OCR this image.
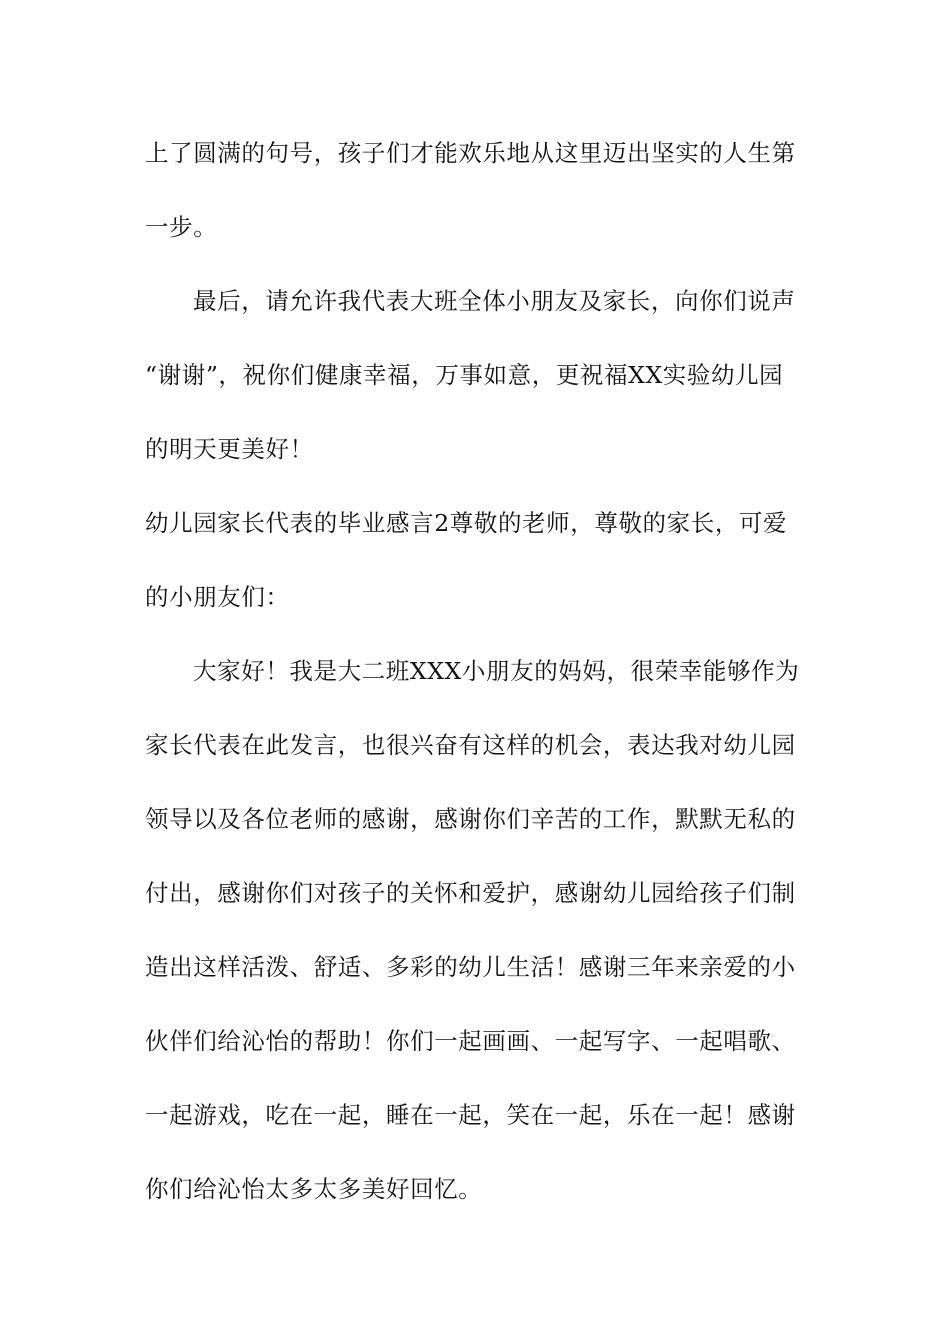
上了圆满的句号，孩子们才能欢乐地从这里迈出坚实的人生第
一步。
最后，请允许我代表大班全体小朋友及家长，向你们说声
“谢谢”，祝你们健康幸福，万事如意，更祝福XX实验幼儿园
的明天更美好！
幼儿园家长代表的毕业感言2尊敬的老师，尊敬的家长，可爱
的小朋友们：
大家好！我是大二班XXX小朋友的妈妈，很荣幸能够作为
家长代表在此发言，也很兴奋有这样的机会，表达我对幼儿园
领导以及各位老师的感谢，感谢你们辛苦的工作，默默无私的
付出，感谢你们对孩子的关怀和爱护，感谢幼儿园给孩子们制
造出这样活泼、舒适、多彩的幼儿生活！感谢三年来亲爱的小
伙伴们给沁怡的帮助！你们一起画画、一起写字、一起唱歌、
一起游戏，吃在一起，睡在一起，笑在一起，乐在一起！感谢
你们给沁怡太多太多美好回忆。
